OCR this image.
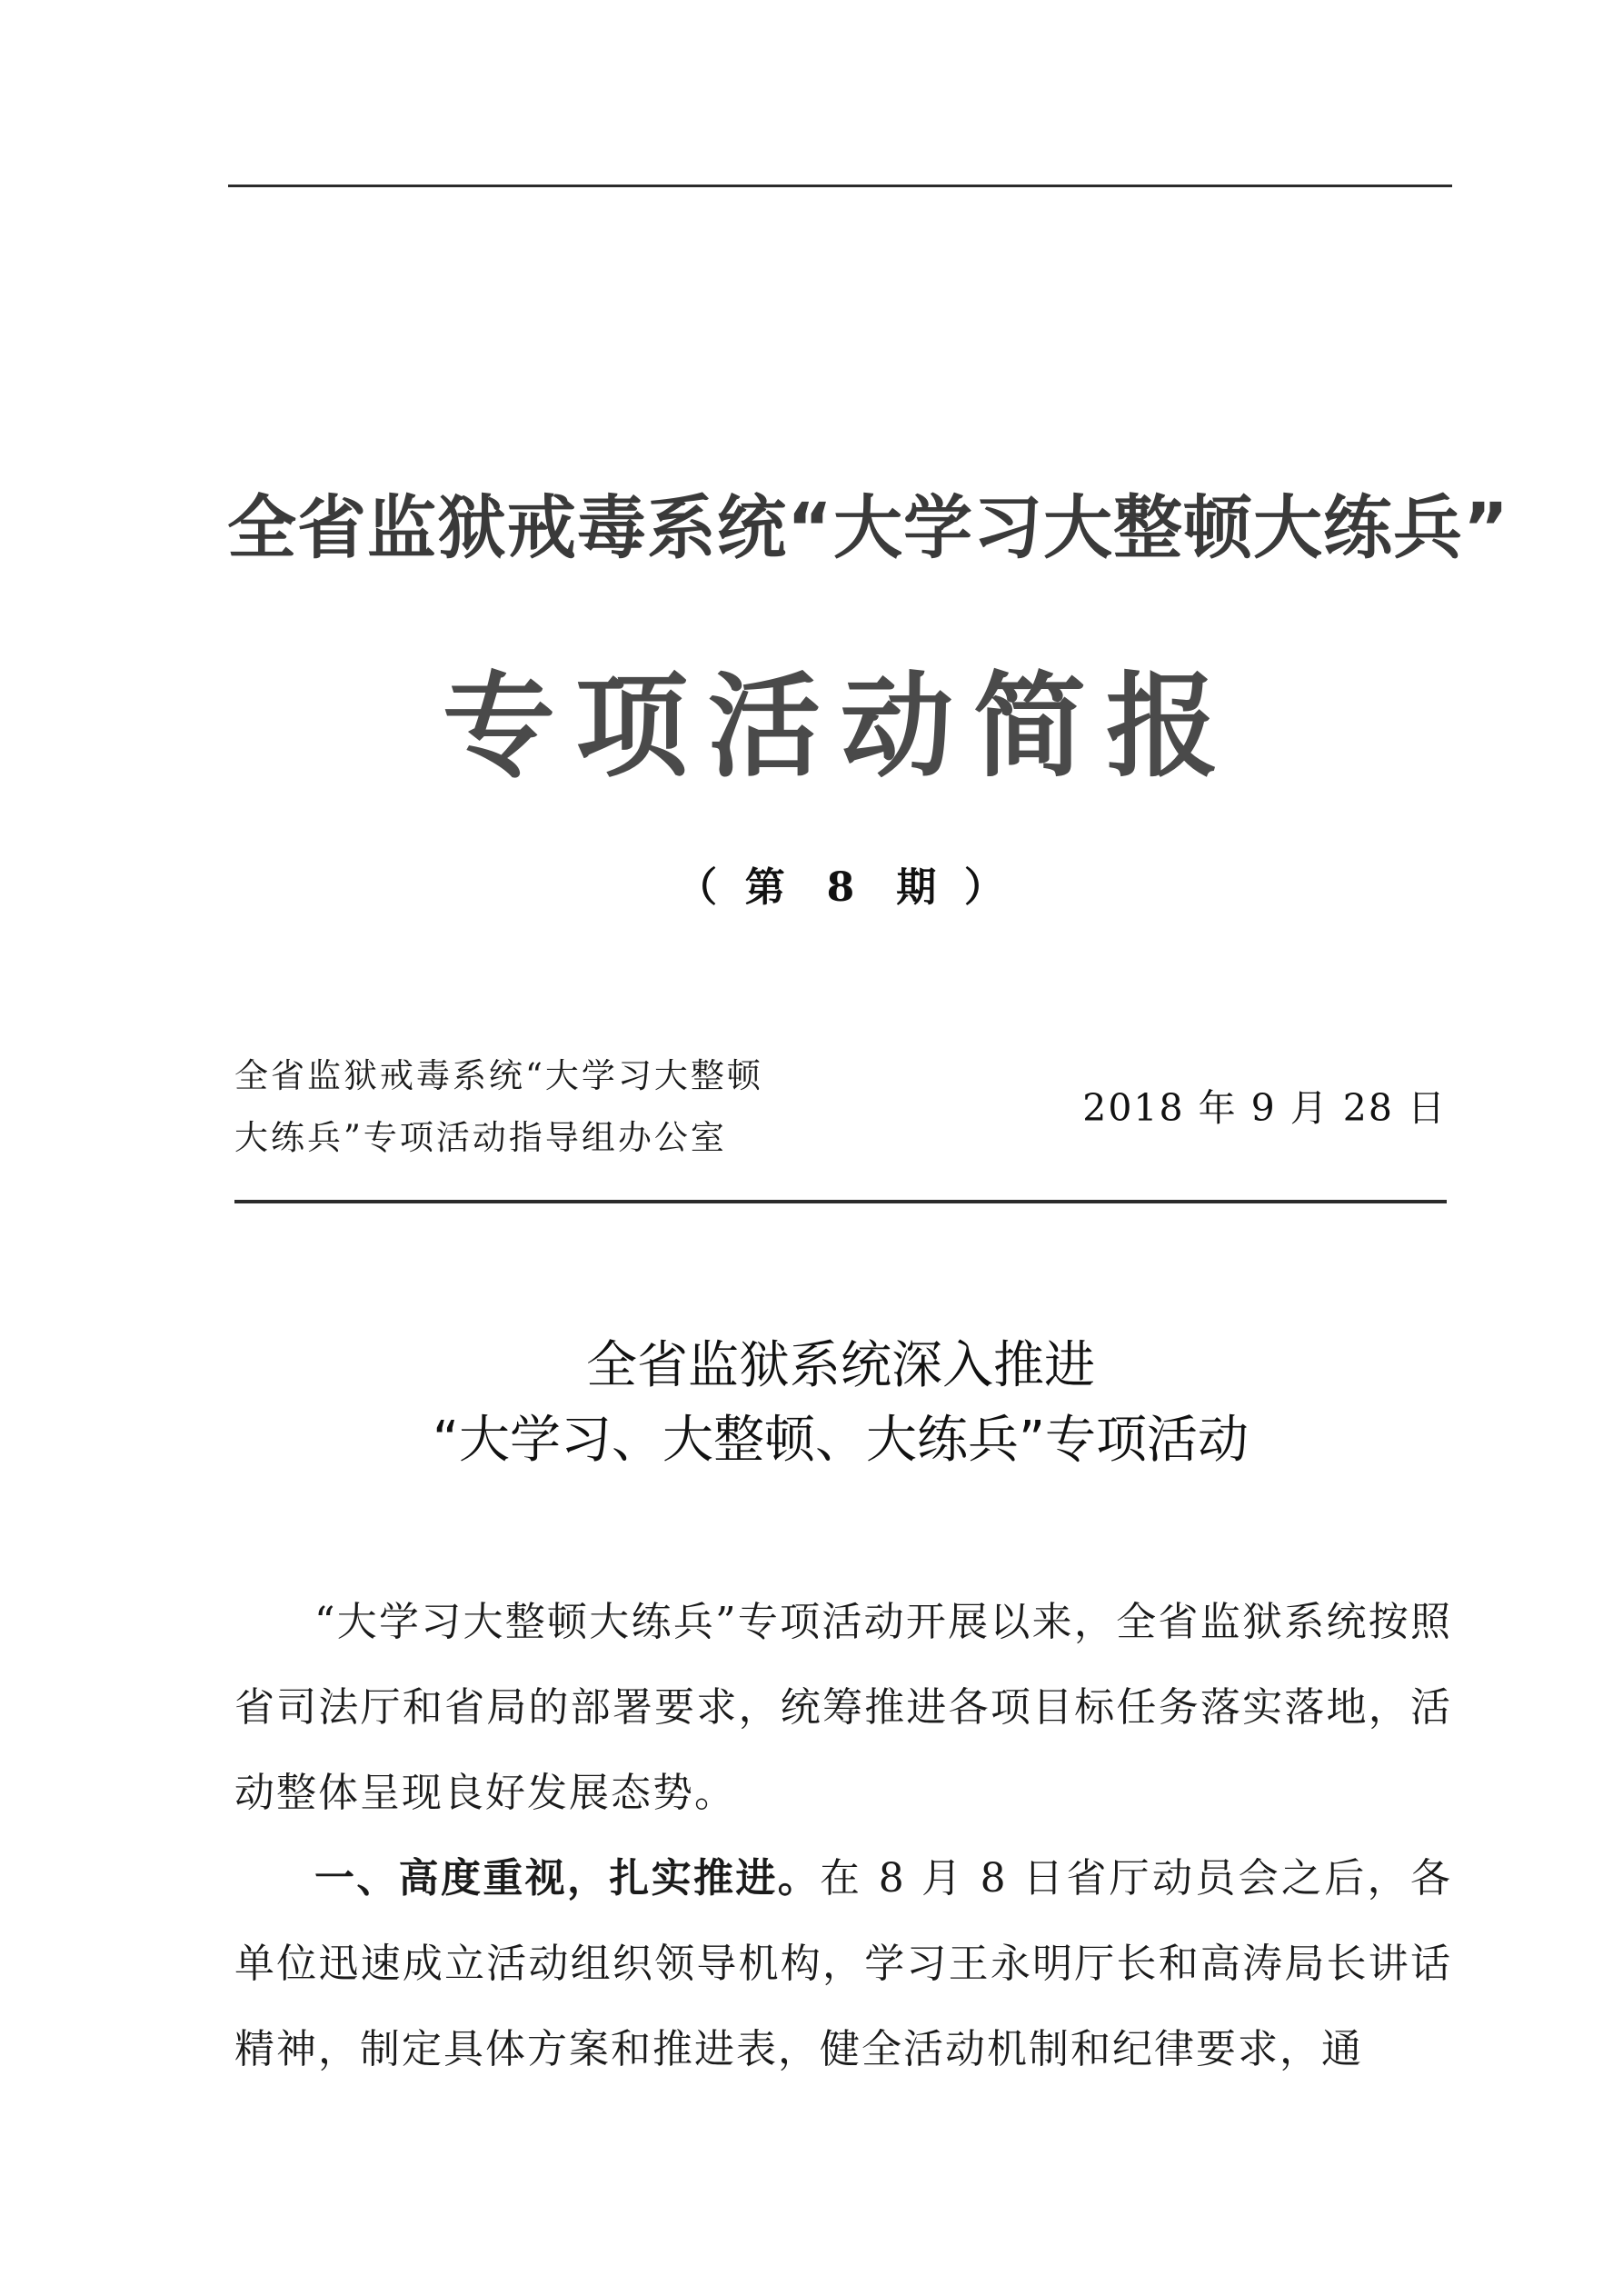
全省监狱戒毒系统“大学习大整顿大练兵”
专项活动简报
（  第   8   期  ）
全省监狱戒毒系统“大学习大整顿
大练兵”专项活动指导组办公室
2018 年 9 月 28 日
全省监狱系统深入推进
“大学习、大整顿、大练兵”专项活动

“大学习大整顿大练兵”专项活动开展以来，全省监狱系统按照省司法厅和省局的部署要求，统筹推进各项目标任务落实落地，活动整体呈现良好发展态势。

一、高度重视，扎实推进。在 8 月 8 日省厅动员会之后，各单位迅速成立活动组织领导机构，学习王永明厅长和高涛局长讲话精神，制定具体方案和推进表，健全活动机制和纪律要求，通
